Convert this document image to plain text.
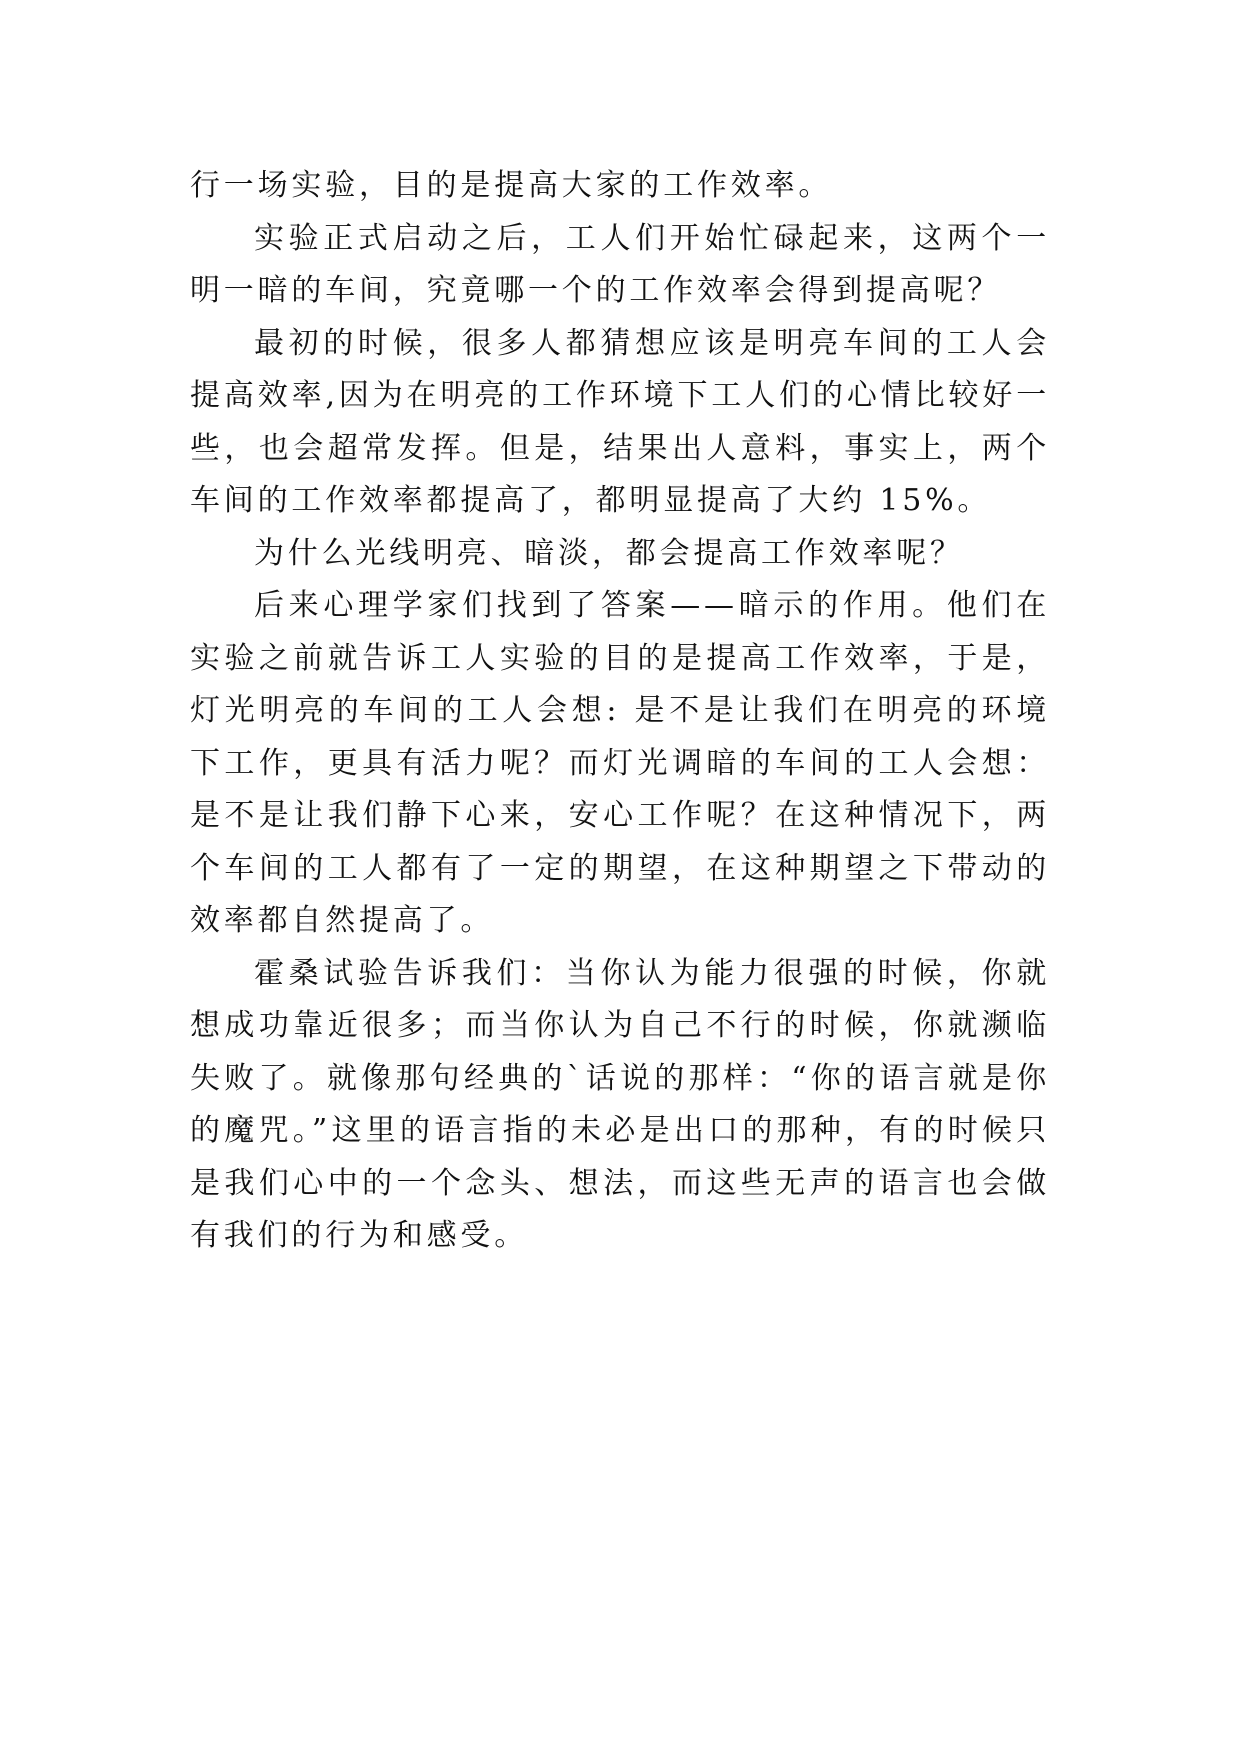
行一场实验，目的是提高大家的工作效率。

实验正式启动之后，工人们开始忙碌起来，这两个一明一暗的车间，究竟哪一个的工作效率会得到提高呢？

最初的时候，很多人都猜想应该是明亮车间的工人会提高效率,因为在明亮的工作环境下工人们的心情比较好一些，也会超常发挥。但是，结果出人意料，事实上，两个车间的工作效率都提高了，都明显提高了大约 15%。

为什么光线明亮、暗淡，都会提高工作效率呢？

后来心理学家们找到了答案——暗示的作用。他们在实验之前就告诉工人实验的目的是提高工作效率，于是，灯光明亮的车间的工人会想: 是不是让我们在明亮的环境下工作，更具有活力呢？而灯光调暗的车间的工人会想：是不是让我们静下心来，安心工作呢？在这种情况下，两个车间的工人都有了一定的期望，在这种期望之下带动的效率都自然提高了。

霍桑试验告诉我们：当你认为能力很强的时候，你就想成功靠近很多；而当你认为自己不行的时候，你就濒临失败了。就像那句经典的`话说的那样：“你的语言就是你的魔咒。”这里的语言指的未必是出口的那种，有的时候只是我们心中的一个念头、想法，而这些无声的语言也会做有我们的行为和感受。
